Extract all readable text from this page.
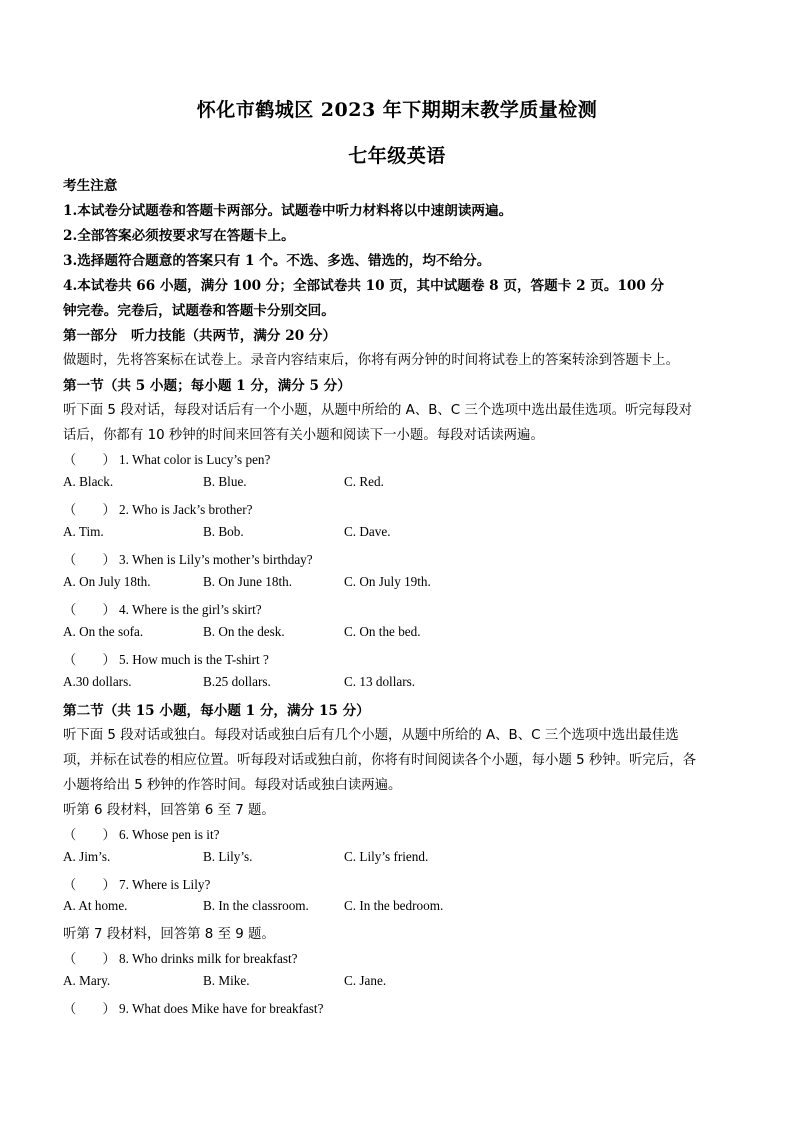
怀化市鹤城区 2023 年下期期末教学质量检测
七年级英语
考生注意
1.本试卷分试题卷和答题卡两部分。试题卷中听力材料将以中速朗读两遍。
2.全部答案必须按要求写在答题卡上。
3.选择题符合题意的答案只有 1 个。不选、多选、错选的，均不给分。
4.本试卷共 66 小题，满分 100 分；全部试卷共 10 页，其中试题卷 8 页，答题卡 2 页。100 分
钟完卷。完卷后，试题卷和答题卡分别交回。
第一部分　听力技能（共两节，满分 20 分）
做题时，先将答案标在试卷上。录音内容结束后，你将有两分钟的时间将试卷上的答案转涂到答题卡上。
第一节（共 5 小题；每小题 1 分，满分 5 分）
听下面 5 段对话，每段对话后有一个小题，从题中所给的 A、B、C 三个选项中选出最佳选项。听完每段对
话后，你都有 10 秒钟的时间来回答有关小题和阅读下一小题。每段对话读两遍。
（　　） 1. What color is Lucy’s pen?
A. Black.	B. Blue.	C. Red.
（　　） 2. Who is Jack’s brother?
A. Tim.	B. Bob.	C. Dave.
（　　） 3. When is Lily’s mother’s birthday?
A. On July 18th.	B. On June 18th.	C. On July 19th.
（　　） 4. Where is the girl’s skirt?
A. On the sofa.	B. On the desk.	C. On the bed.
（　　） 5. How much is the T-shirt ?
A.30 dollars.	B.25 dollars.	C. 13 dollars.
第二节（共 15 小题，每小题 1 分，满分 15 分）
听下面 5 段对话或独白。每段对话或独白后有几个小题，从题中所给的 A、B、C 三个选项中选出最佳选
项，并标在试卷的相应位置。听每段对话或独白前，你将有时间阅读各个小题，每小题 5 秒钟。听完后，各
小题将给出 5 秒钟的作答时间。每段对话或独白读两遍。
听第 6 段材料，回答第 6 至 7 题。
（　　） 6. Whose pen is it?
A. Jim’s.	B. Lily’s.	C. Lily’s friend.
（　　） 7. Where is Lily?
A. At home.	B. In the classroom.	C. In the bedroom.
听第 7 段材料，回答第 8 至 9 题。
（　　） 8. Who drinks milk for breakfast?
A. Mary.	B. Mike.	C. Jane.
（　　） 9. What does Mike have for breakfast?
